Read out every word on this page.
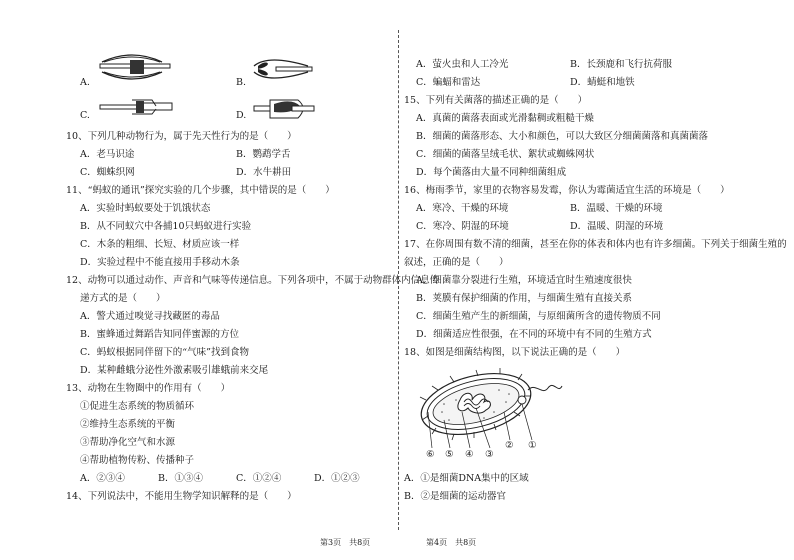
A.	B.
C.	D.
10、下列几种动物行为，属于先天性行为的是（　　）
A．老马识途	B．鹦鹉学舌
C．蜘蛛织网	D．水牛耕田
11、“蚂蚁的通讯”探究实验的几个步骤，其中错误的是（　　）
A．实验时蚂蚁要处于饥饿状态
B．从不同蚁穴中各捕10只蚂蚁进行实验
C．木条的粗细、长短、材质应该一样
D．实验过程中不能直接用手移动木条
12、动物可以通过动作、声音和气味等传递信息。下列各项中，不属于动物群体内信息传
递方式的是（　　）
A．警犬通过嗅觉寻找藏匿的毒品
B．蜜蜂通过舞蹈告知同伴蜜源的方位
C．蚂蚁根据同伴留下的“气味”找到食物
D．某种雌蛾分泌性外激素吸引雄蛾前来交尾
13、动物在生物圈中的作用有（　　）
①促进生态系统的物质循环
②维持生态系统的平衡
③帮助净化空气和水源
④帮助植物传粉、传播种子
A．②③④	B．①③④	C．①②④	D．①②③
14、下列说法中，不能用生物学知识解释的是（　　）
第3页　共8页
A．萤火虫和人工冷光	B．长颈鹿和飞行抗荷服
C．蝙蝠和雷达	D．蜻蜓和地铁
15、下列有关菌落的描述正确的是（　　）
A．真菌的菌落表面或光滑黏稠或粗糙干燥
B．细菌的菌落形态、大小和颜色，可以大致区分细菌菌落和真菌菌落
C．细菌的菌落呈绒毛状、絮状或蜘蛛网状
D．每个菌落由大量不同种细菌组成
16、梅雨季节，家里的衣物容易发霉，你认为霉菌适宜生活的环境是（　　）
A．寒冷、干燥的环境	B．温暖、干燥的环境
C．寒冷、阴湿的环境	D．温暖、阴湿的环境
17、在你周围有数不清的细菌，甚至在你的体表和体内也有许多细菌。下列关于细菌生殖的
叙述，正确的是（　　）
A．细菌靠分裂进行生殖，环境适宜时生殖速度很快
B．荚膜有保护细菌的作用，与细菌生殖有直接关系
C．细菌生殖产生的新细菌，与原细菌所含的遗传物质不同
D．细菌适应性很强，在不同的环境中有不同的生殖方式
18、如图是细菌结构图，以下说法正确的是（　　）
⑥ ⑤ ④ ③
② ①
A．①是细菌DNA集中的区域
B．②是细菌的运动器官
第4页　共8页
